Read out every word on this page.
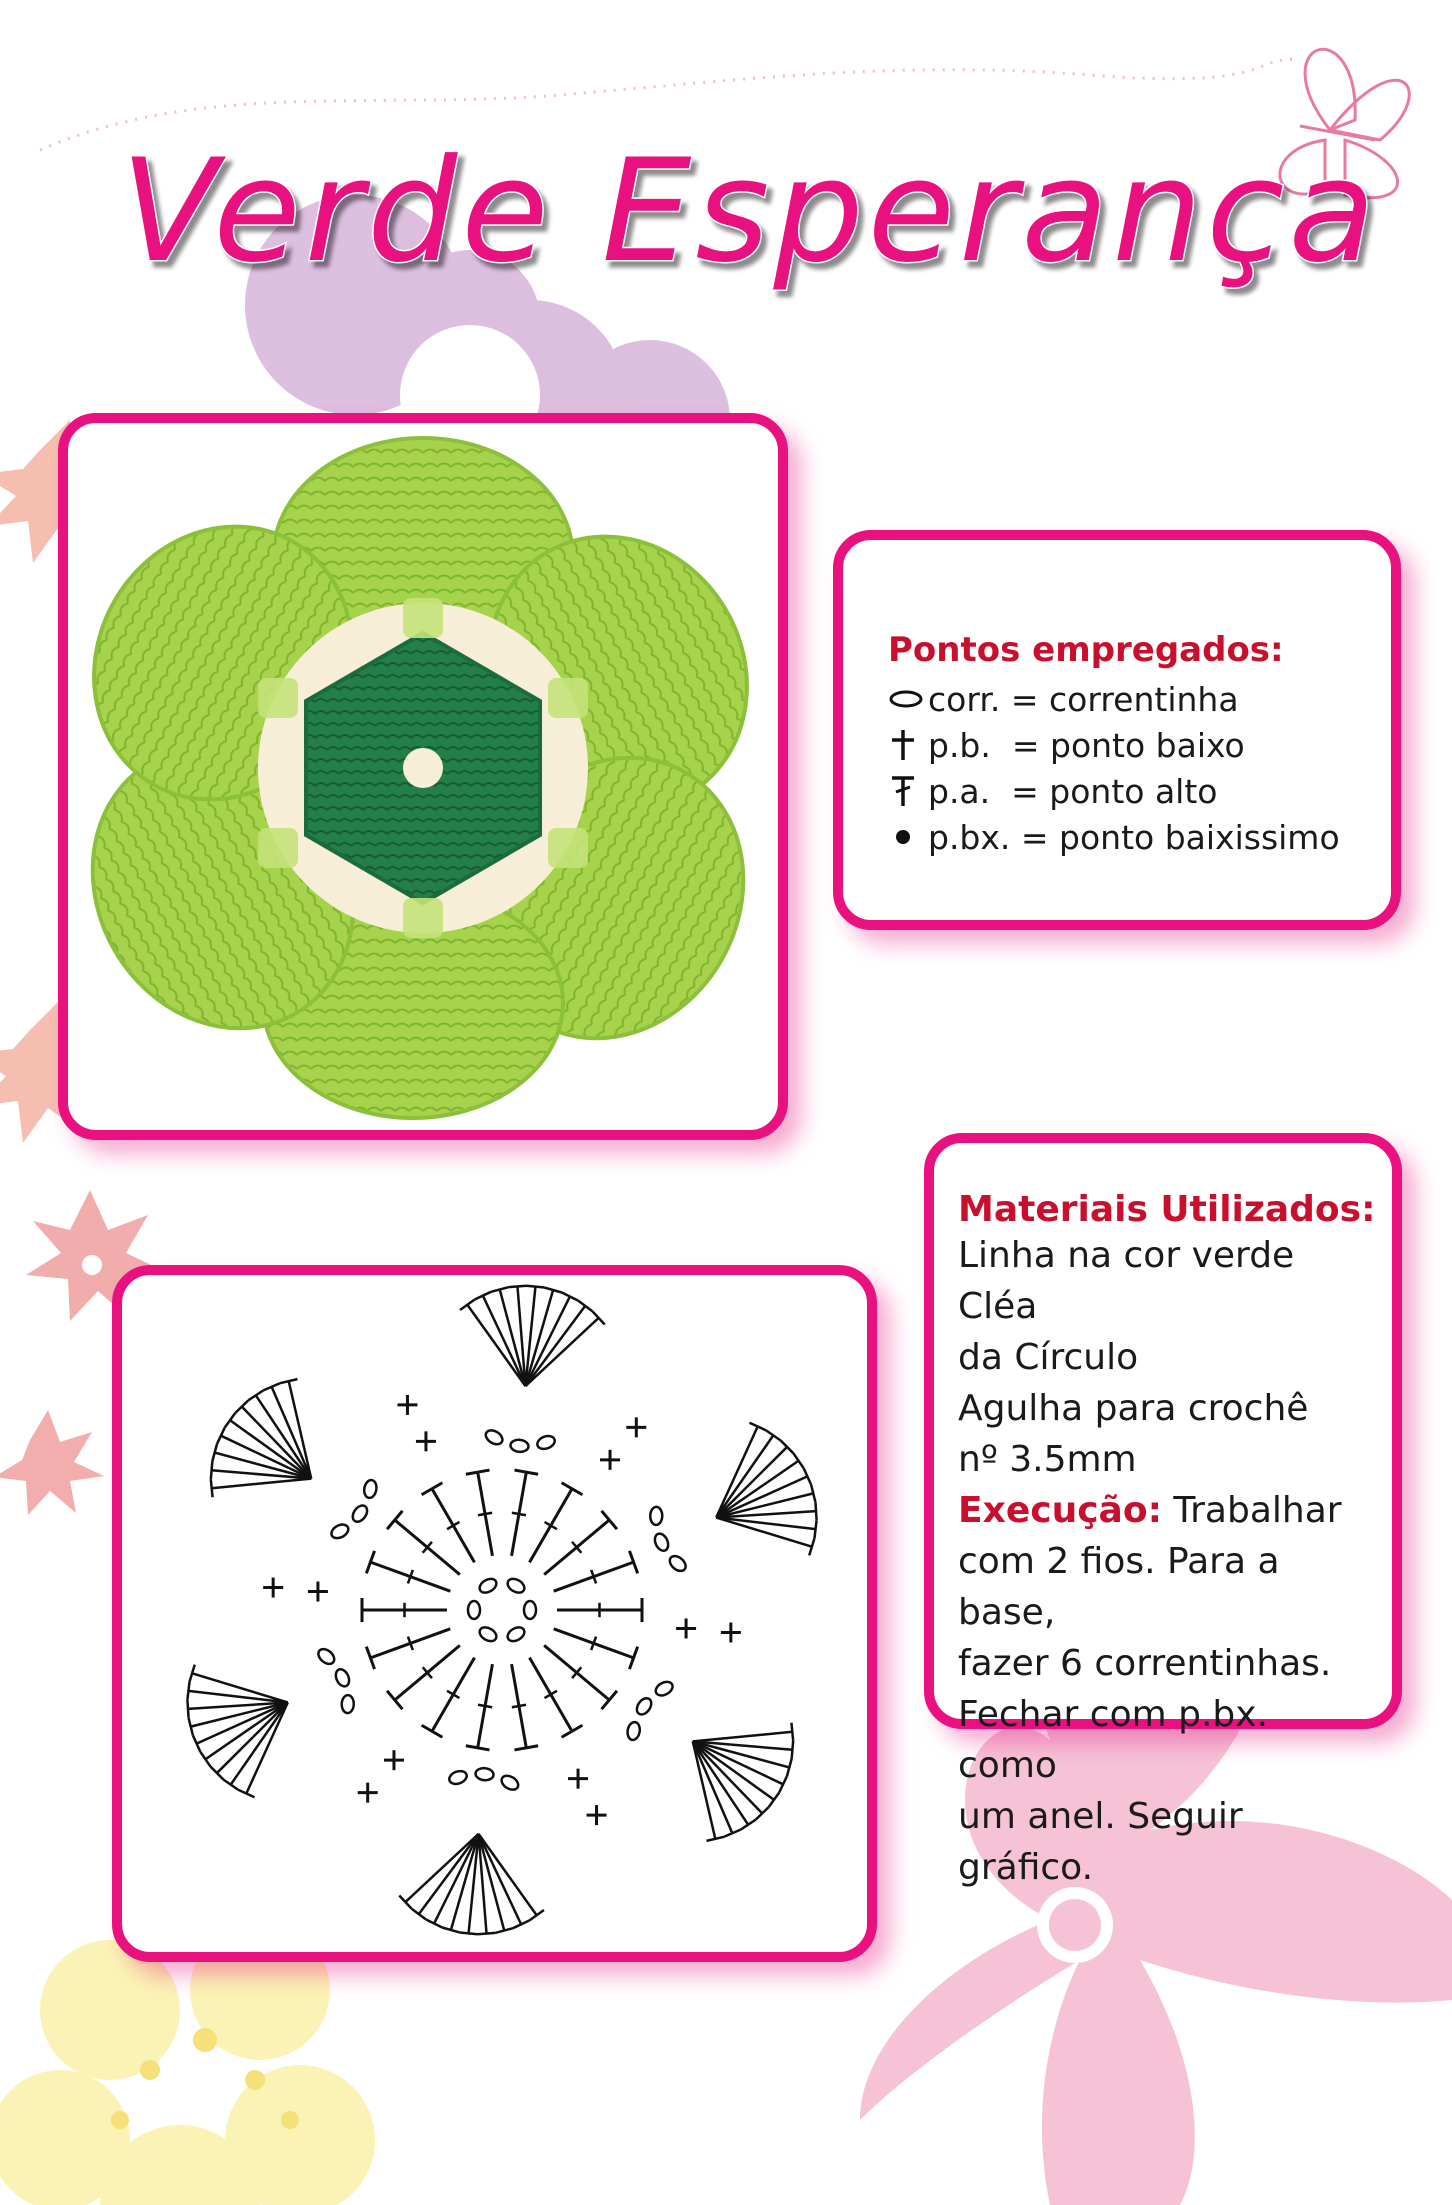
Verde Esperança
Pontos empregados:
corr.
= correntinha
p.b.
= ponto baixo
p.a.
= ponto alto
p.bx.
= ponto baixissimo
Materiais Utilizados:
Linha na cor verde Cléa
da Círculo
Agulha para crochê
nº 3.5mm
Execução: Trabalhar
com 2 fios. Para a base,
fazer 6 correntinhas.
Fechar com p.bx. como
um anel. Seguir gráfico.
